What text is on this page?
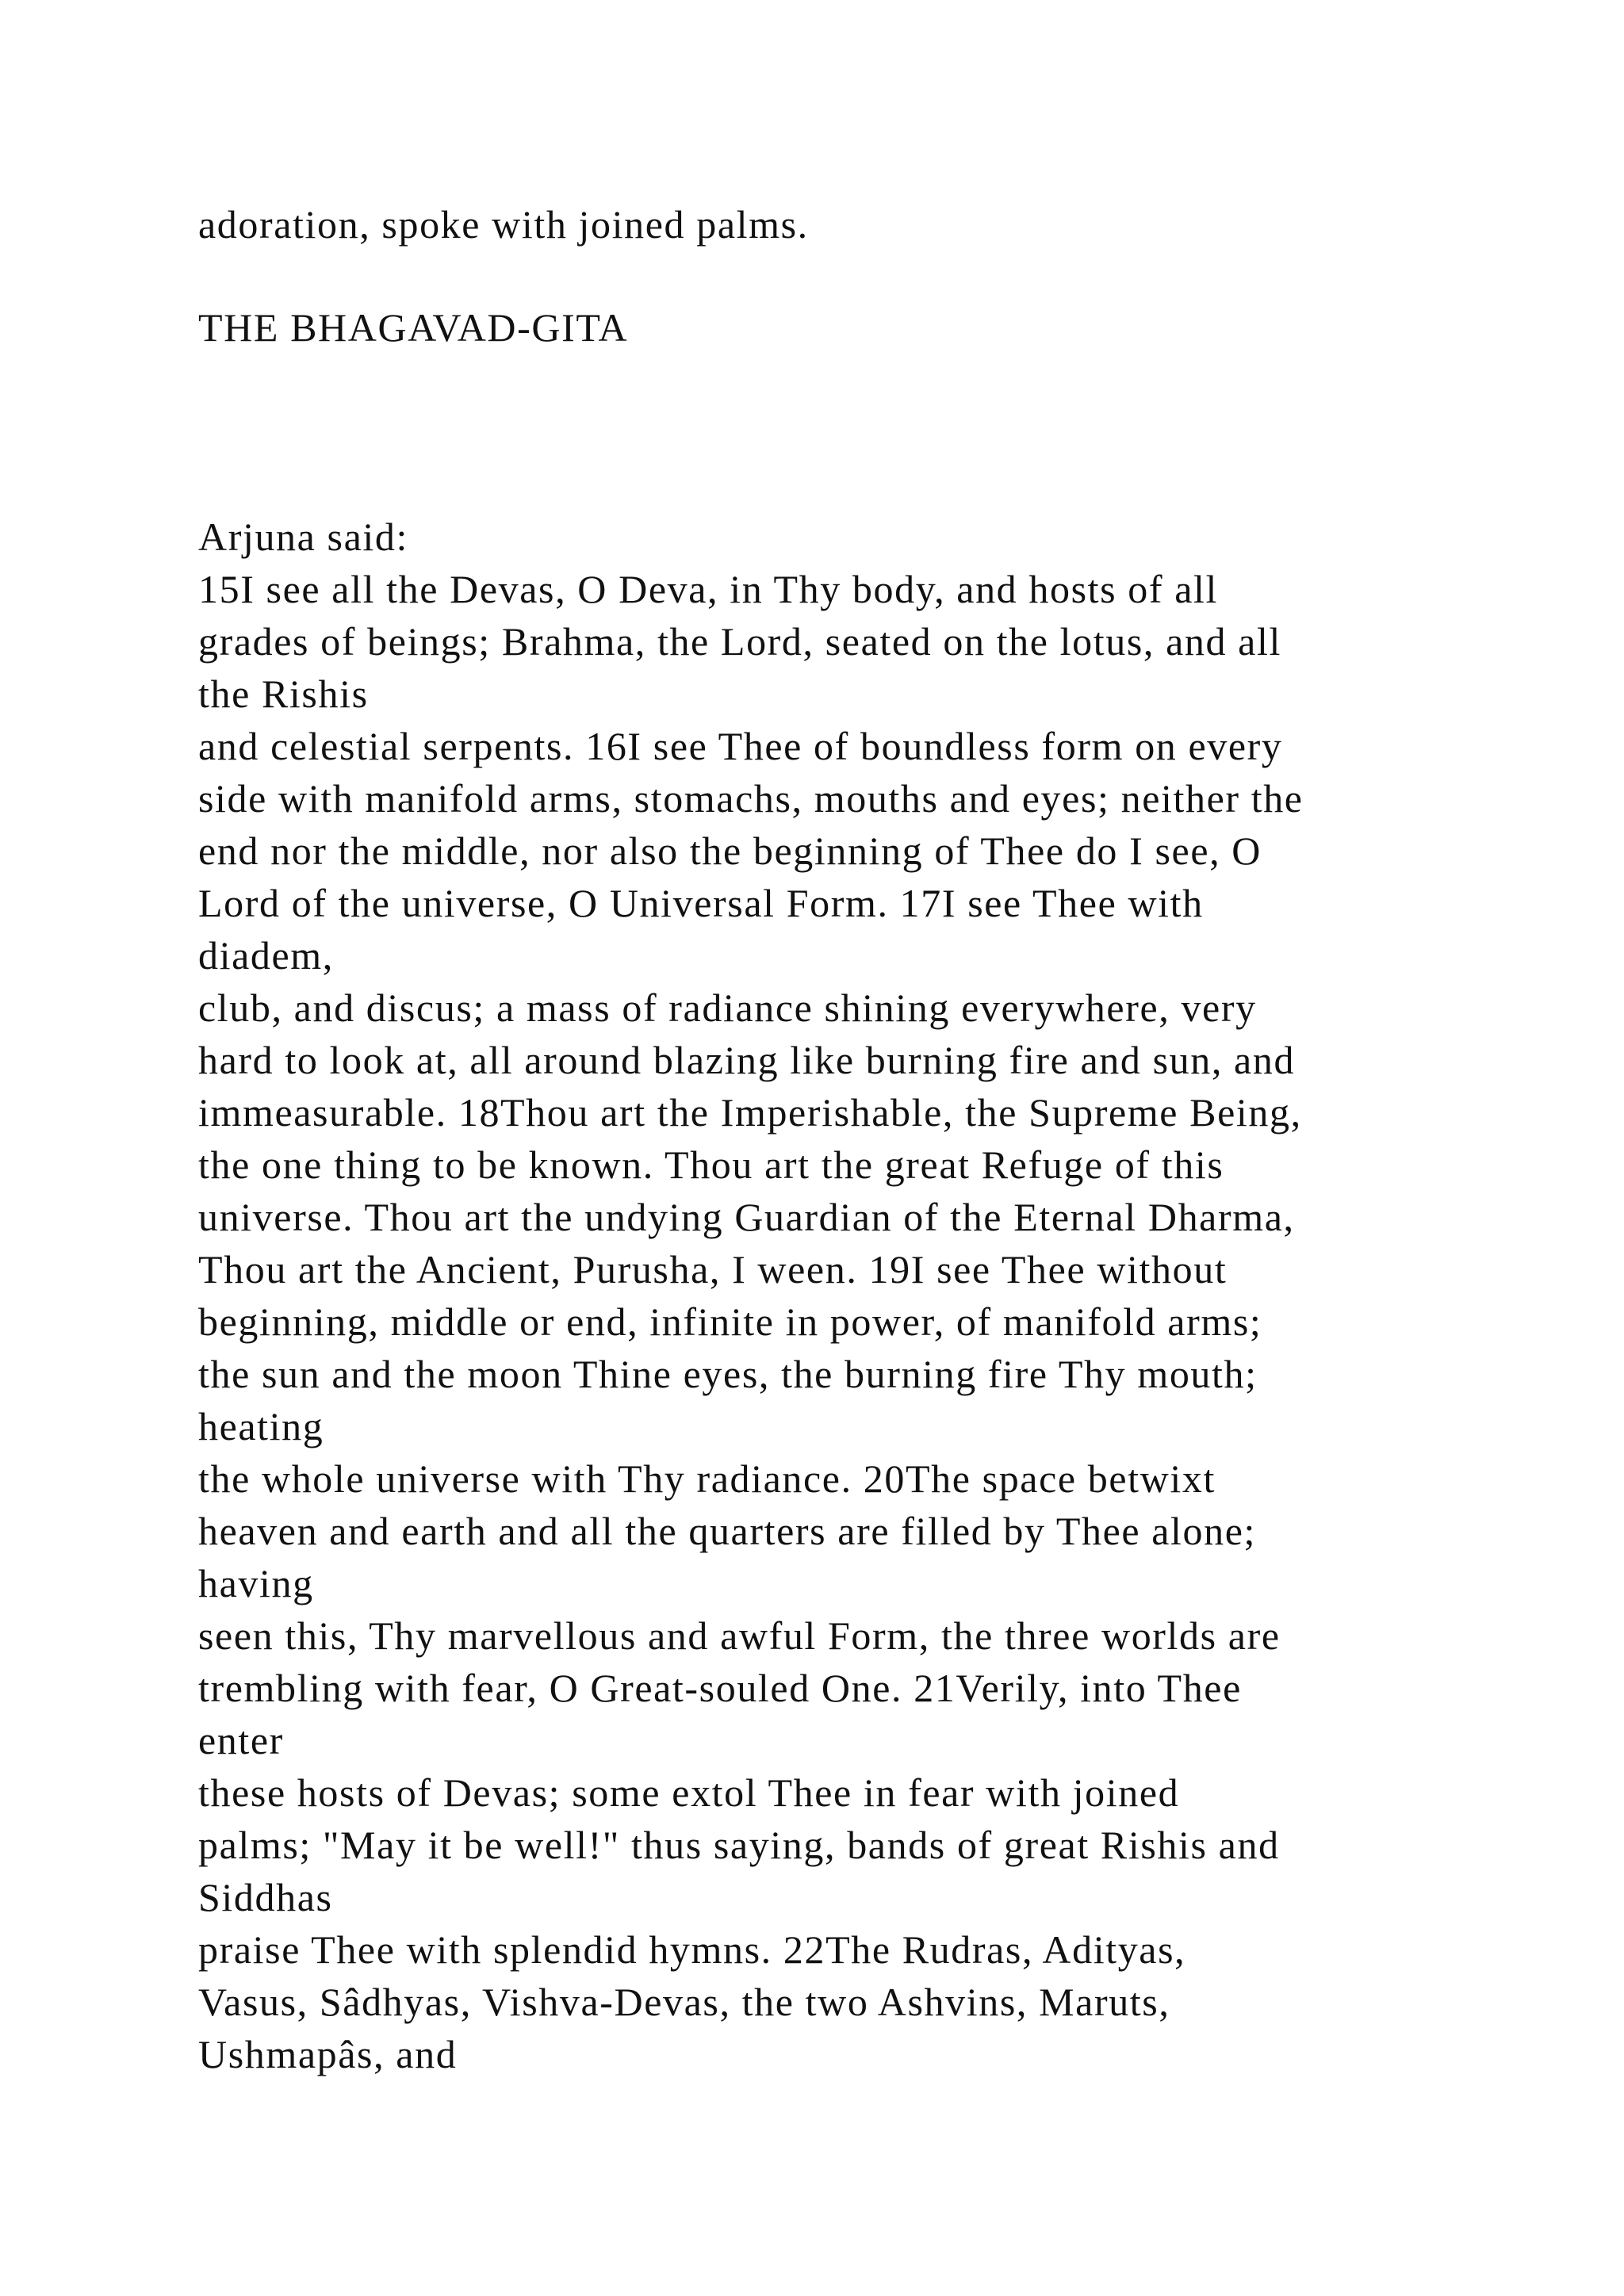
adoration, spoke with joined palms.
THE BHAGAVAD-GITA
Arjuna said:
15I see all the Devas, O Deva, in Thy body, and hosts of all
grades of beings; Brahma, the Lord, seated on the lotus, and all
the Rishis
and celestial serpents. 16I see Thee of boundless form on every
side with manifold arms, stomachs, mouths and eyes; neither the
end nor the middle, nor also the beginning of Thee do I see, O
Lord of the universe, O Universal Form. 17I see Thee with
diadem,
club, and discus; a mass of radiance shining everywhere, very
hard to look at, all around blazing like burning fire and sun, and
immeasurable. 18Thou art the Imperishable, the Supreme Being,
the one thing to be known. Thou art the great Refuge of this
universe. Thou art the undying Guardian of the Eternal Dharma,
Thou art the Ancient, Purusha, I ween. 19I see Thee without
beginning, middle or end, infinite in power, of manifold arms;
the sun and the moon Thine eyes, the burning fire Thy mouth;
heating
the whole universe with Thy radiance. 20The space betwixt
heaven and earth and all the quarters are filled by Thee alone;
having
seen this, Thy marvellous and awful Form, the three worlds are
trembling with fear, O Great-souled One. 21Verily, into Thee
enter
these hosts of Devas; some extol Thee in fear with joined
palms; "May it be well!" thus saying, bands of great Rishis and
Siddhas
praise Thee with splendid hymns. 22The Rudras, Adityas,
Vasus, Sâdhyas, Vishva-Devas, the two Ashvins, Maruts,
Ushmapâs, and
